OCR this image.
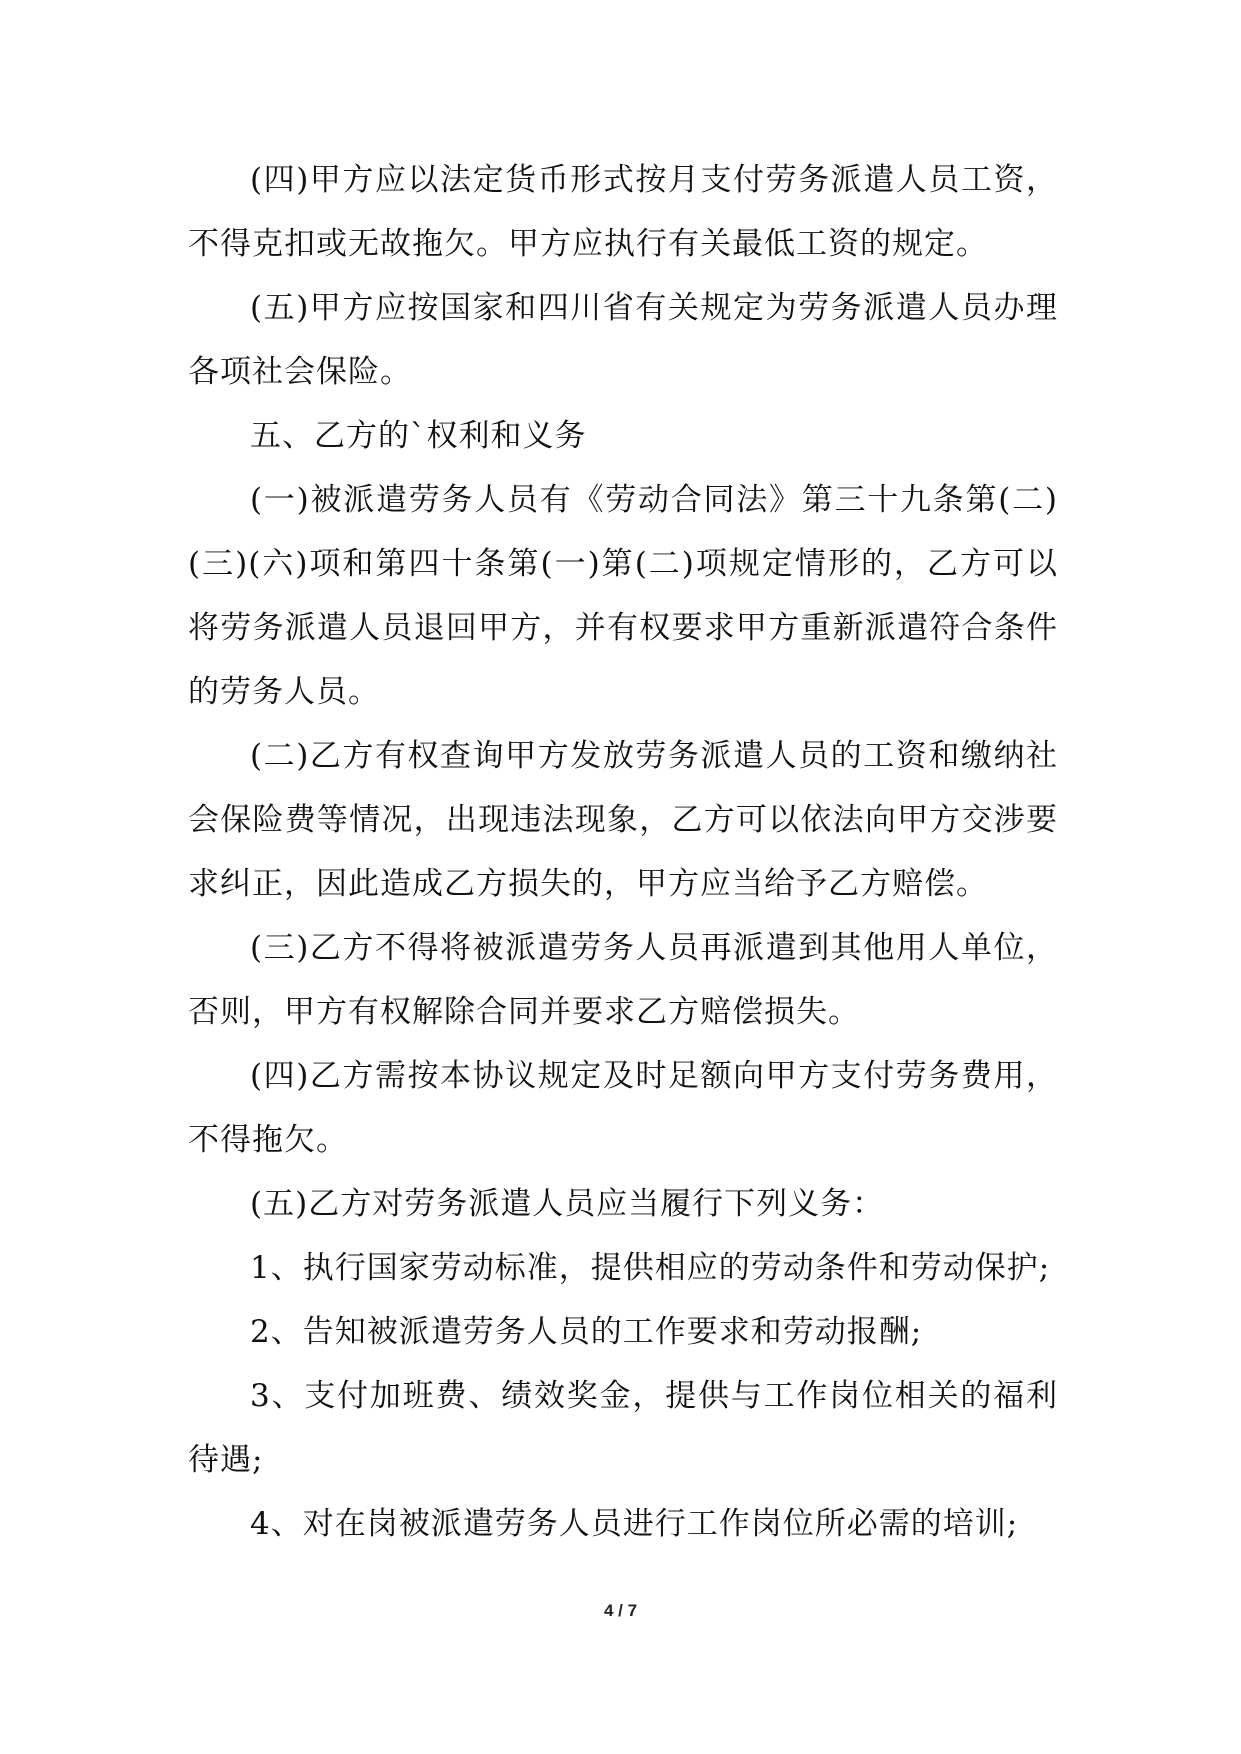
(四)甲方应以法定货币形式按月支付劳务派遣人员工资，不得克扣或无故拖欠。甲方应执行有关最低工资的规定。

(五)甲方应按国家和四川省有关规定为劳务派遣人员办理各项社会保险。

五、乙方的`权利和义务

(一)被派遣劳务人员有《劳动合同法》第三十九条第(二)(三)(六)项和第四十条第(一)第(二)项规定情形的，乙方可以将劳务派遣人员退回甲方，并有权要求甲方重新派遣符合条件的劳务人员。

(二)乙方有权查询甲方发放劳务派遣人员的工资和缴纳社会保险费等情况，出现违法现象，乙方可以依法向甲方交涉要求纠正，因此造成乙方损失的，甲方应当给予乙方赔偿。

(三)乙方不得将被派遣劳务人员再派遣到其他用人单位，否则，甲方有权解除合同并要求乙方赔偿损失。

(四)乙方需按本协议规定及时足额向甲方支付劳务费用，不得拖欠。

(五)乙方对劳务派遣人员应当履行下列义务：

1、执行国家劳动标准，提供相应的劳动条件和劳动保护;

2、告知被派遣劳务人员的工作要求和劳动报酬;

3、支付加班费、绩效奖金，提供与工作岗位相关的福利待遇;

4、对在岗被派遣劳务人员进行工作岗位所必需的培训;

4 / 7
